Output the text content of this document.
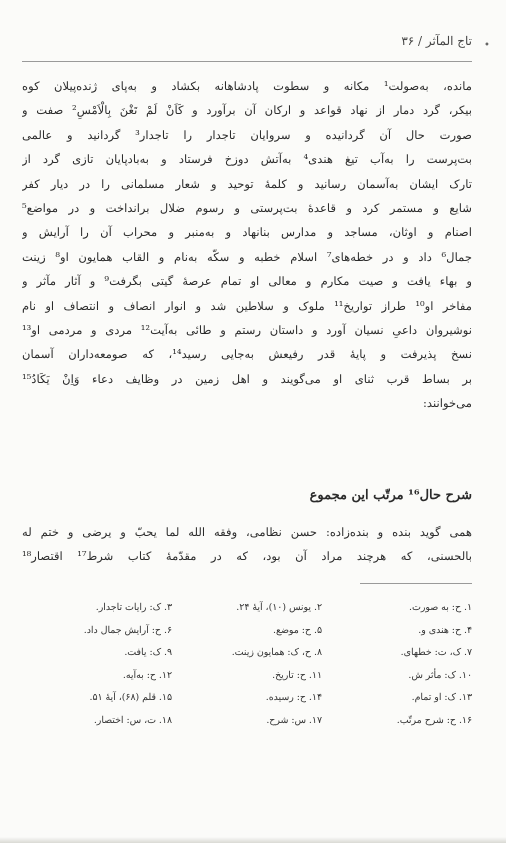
•
تاج المآثر / ۳۶
مانده، به‌صولت¹ مکانه و سطوت پادشاهانه بکشاد و به‌پای ژنده‌پیلان کوه
بیکر، گرد دمار از نهاد قواعد و ارکان آن برآورد و کَاَنْ لَمْ تَغْنَ بِالْاَمْسِ² صفت و
صورت حال آن گردانیده و سروایان تاجدار را تاجدار³ گردانید و عالمی
بت‌پرست را به‌آب تیغ هندی⁴ به‌آتش دوزخ فرستاد و به‌بادپایان تازی گرد از
تارک ایشان به‌آسمان رسانید و کلمهٔ توحید و شعار مسلمانی را در دیار کفر
شایع و مستمر کرد و قاعدهٔ بت‌پرستی و رسوم ضلال برانداخت و در مواضع⁵
اصنام و اوثان، مساجد و مدارس بنانهاد و به‌منبر و محراب آن را آرایش و
جمال⁶ داد و در خطه‌های⁷ اسلام خطبه و سکّه به‌نام و القاب همایون او⁸ زینت
و بهاء یافت و صیت مکارم و معالی او تمام عرصهٔ گیتی بگرفت⁹ و آثار مآثر و
مفاخر او¹⁰ طراز تواریخ¹¹ ملوک و سلاطین شد و انوار انصاف و انتصاف او نام
نوشیروان داعیِ نسیان آورد و داستان رستم و طائی به‌آیت¹² مردی و مردمی او¹³
نسخ پذیرفت و پایهٔ قدر رفیعش به‌جایی رسید¹⁴، که صومعه‌داران آسمان
بر بساط قرب ثنای او می‌گویند و اهل زمین در وظایف دعاء وَاِنْ یَکَادُ¹⁵
می‌خوانند:
شرح حال¹⁶ مرتّب این مجموع
همی گوید بنده و بنده‌زاده: حسن نظامی، وفقه الله لما یحبّ و یرضی و ختم له
بالحسنی، که هرچند مراد آن بود، که در مقدّمهٔ کتاب شرط¹⁷ اقتصار¹⁸
۱. ح: به صورت.
۲. یونس (۱۰)، آیهٔ ۲۴.
۳. ک: رایات تاجدار.
۴. ح: هندی و.
۵. ح: موضع.
۶. ح: آرایش جمال داد.
۷. ک، ت: خطهای.
۸. ح، ک: همایون زینت.
۹. ک: یافت.
۱۰. ک: مأثر ش.
۱۱. ح: تاریخ.
۱۲. ح: به‌آیه.
۱۳. ک: او تمام.
۱۴. ح: رسیده.
۱۵. قلم (۶۸)، آیهٔ ۵۱.
۱۶. ح: شرح مرتّب.
۱۷. س: شرح.
۱۸. ت، س: اختصار.
